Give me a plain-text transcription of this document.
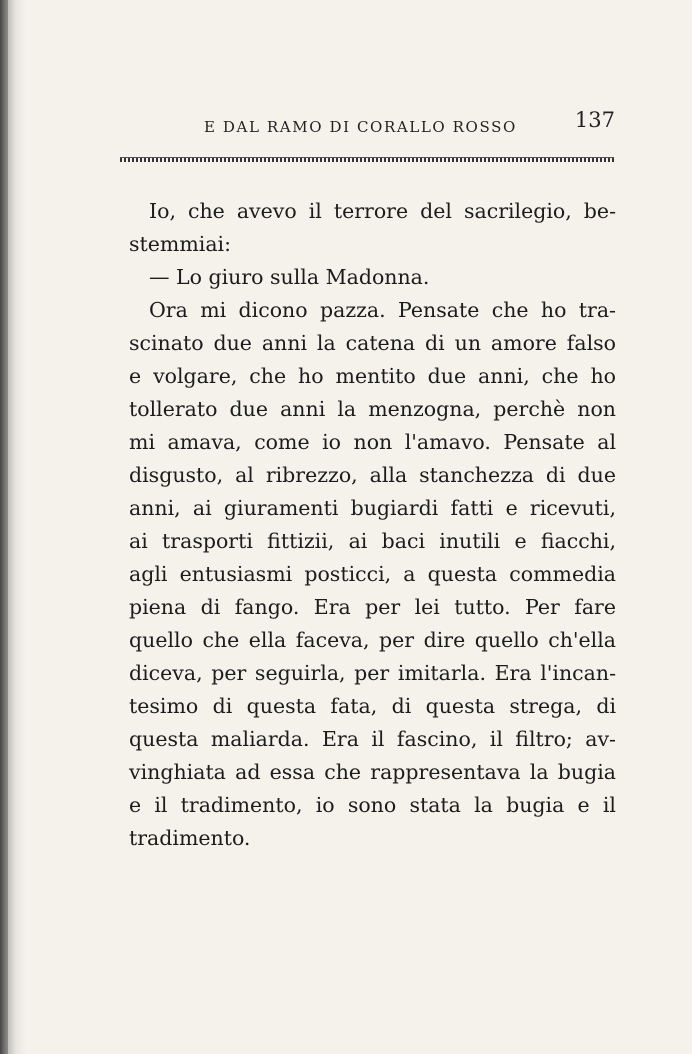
E DAL RAMO DI CORALLO ROSSO	137
Io, che avevo il terrore del sacrilegio, be-
stemmiai:
— Lo giuro sulla Madonna.
Ora mi dicono pazza. Pensate che ho tra-
scinato due anni la catena di un amore falso
e volgare, che ho mentito due anni, che ho
tollerato due anni la menzogna, perchè non
mi amava, come io non l'amavo. Pensate al
disgusto, al ribrezzo, alla stanchezza di due
anni, ai giuramenti bugiardi fatti e ricevuti,
ai trasporti fittizii, ai baci inutili e fiacchi,
agli entusiasmi posticci, a questa commedia
piena di fango. Era per lei tutto. Per fare
quello che ella faceva, per dire quello ch'ella
diceva, per seguirla, per imitarla. Era l'incan-
tesimo di questa fata, di questa strega, di
questa maliarda. Era il fascino, il filtro; av-
vinghiata ad essa che rappresentava la bugia
e il tradimento, io sono stata la bugia e il
tradimento.
